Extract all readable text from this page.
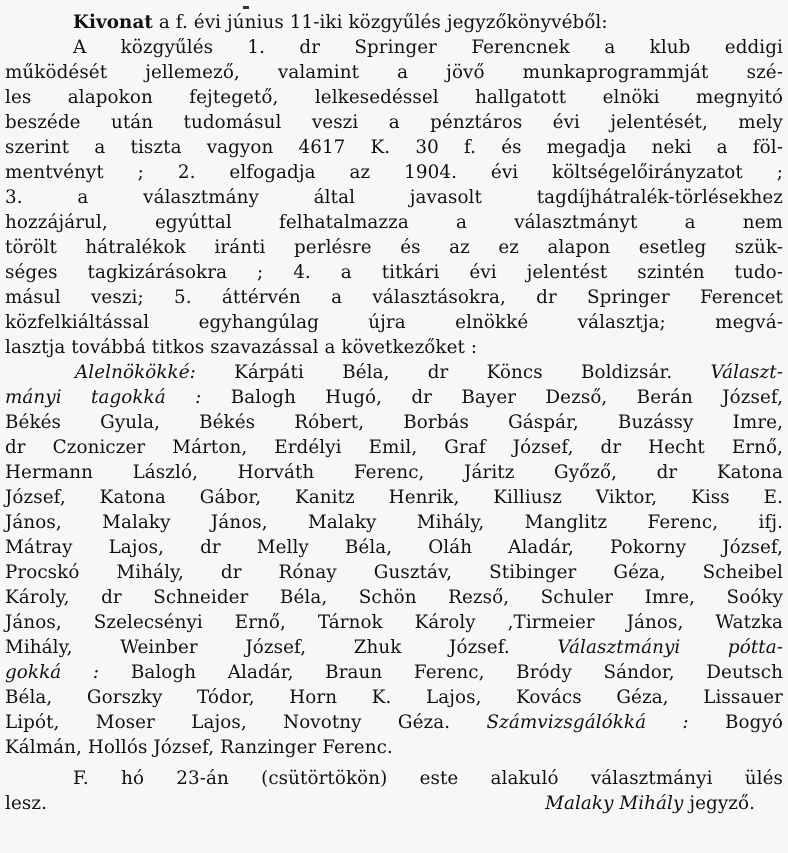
Kivonat a f. évi június 11-iki közgyűlés jegyzőkönyvéből:
A közgyűlés 1. dr Springer Ferencnek a klub eddigi
működését jellemező, valamint a jövő munkaprogrammját szé-
les alapokon fejtegető, lelkesedéssel hallgatott elnöki megnyitó
beszéde után tudomásul veszi a pénztáros évi jelentését, mely
szerint a tiszta vagyon 4617 K. 30 f. és megadja neki a föl-
mentvényt ; 2. elfogadja az 1904. évi költségelőirányzatot ;
3. a választmány által javasolt tagdíjhátralék-törlésekhez
hozzájárul, egyúttal felhatalmazza a választmányt a nem
törölt hátralékok iránti perlésre és az ez alapon esetleg szük-
séges tagkizárásokra ; 4. a titkári évi jelentést szintén tudo-
másul veszi; 5. áttérvén a választásokra, dr Springer Ferencet
közfelkiáltással egyhangúlag újra elnökké választja; megvá-
lasztja továbbá titkos szavazással a következőket :
Alelnökökké: Kárpáti Béla, dr Köncs Boldizsár. Választ-
mányi tagokká : Balogh Hugó, dr Bayer Dezső, Berán József,
Békés Gyula, Békés Róbert, Borbás Gáspár, Buzássy Imre,
dr Czoniczer Márton, Erdélyi Emil, Graf József, dr Hecht Ernő,
Hermann László, Horváth Ferenc, Járitz Győző, dr Katona
József, Katona Gábor, Kanitz Henrik, Killiusz Viktor, Kiss E.
János, Malaky János, Malaky Mihály, Manglitz Ferenc, ifj.
Mátray Lajos, dr Melly Béla, Oláh Aladár, Pokorny József,
Procskó Mihály, dr Rónay Gusztáv, Stibinger Géza, Scheibel
Károly, dr Schneider Béla, Schön Rezső, Schuler Imre, Soóky
János, Szelecsényi Ernő, Tárnok Károly ,Tirmeier János, Watzka
Mihály, Weinber József, Zhuk József. Választmányi póttа-
gokká : Balogh Aladár, Braun Ferenc, Bródy Sándor, Deutsch
Béla, Gorszky Tódor, Horn K. Lajos, Kovács Géza, Lissauer
Lipót, Moser Lajos, Novotny Géza. Számvizsgálókká : Bogyó
Kálmán, Hollós József, Ranzinger Ferenc.
F. hó 23-án (csütörtökön) este alakuló választmányi ülés
lesz.	Malaky Mihály jegyző.
